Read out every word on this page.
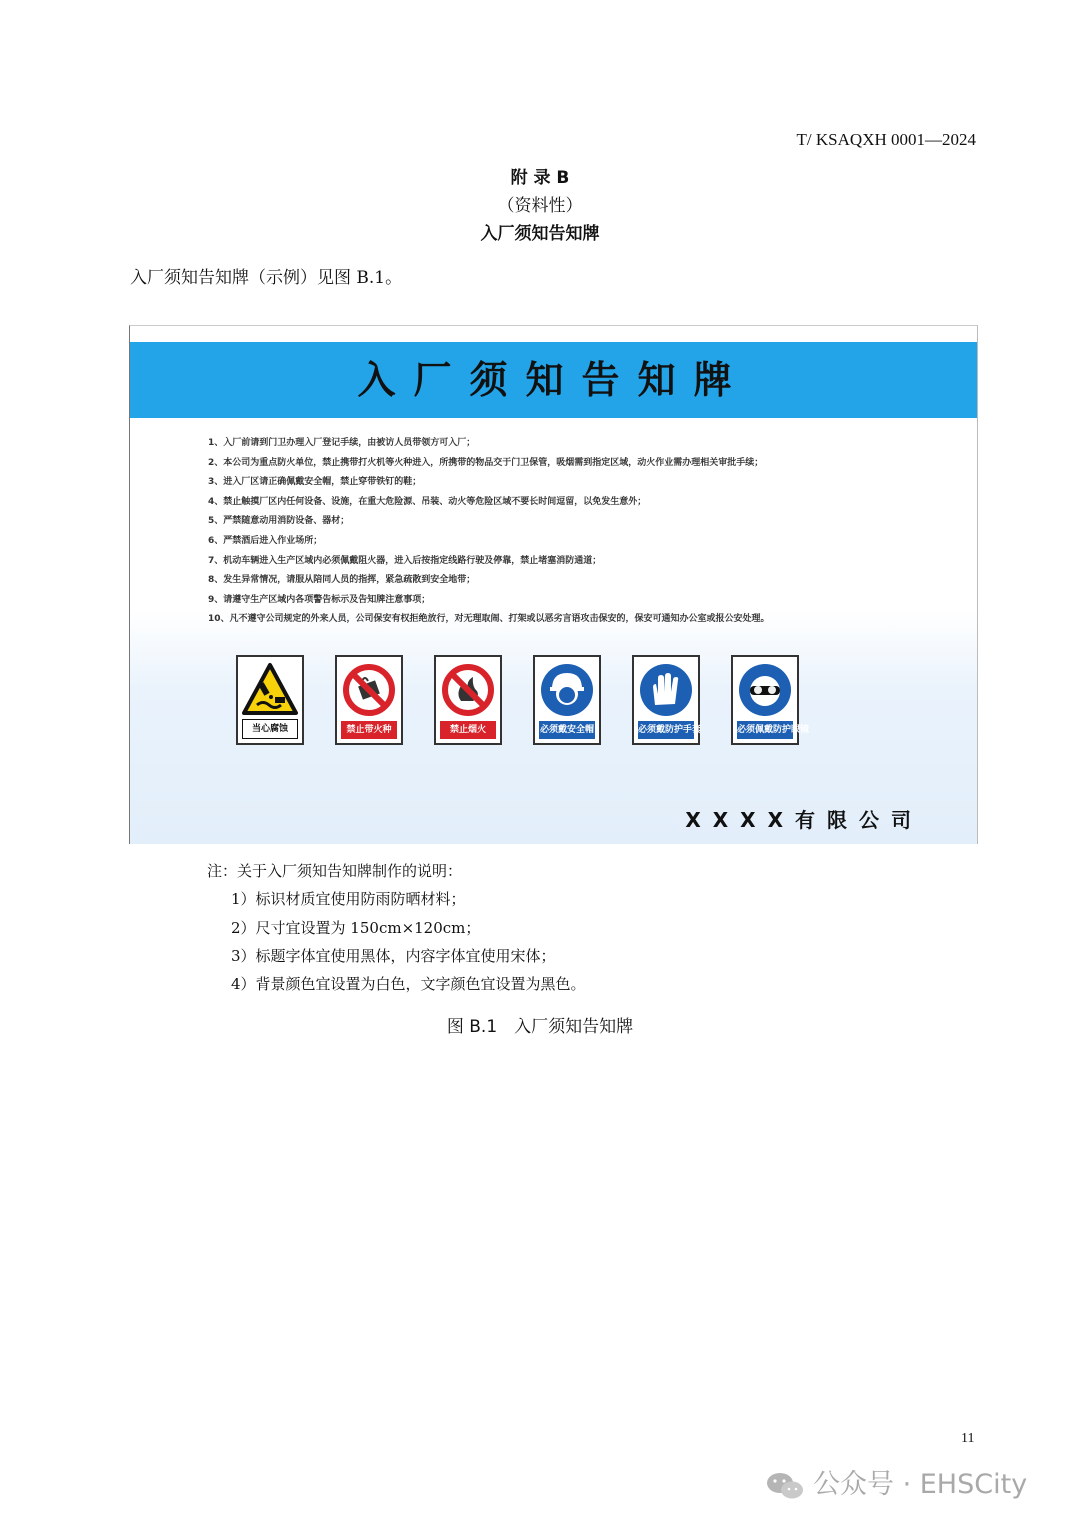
T/ KSAQXH 0001—2024
附 录 B
（资料性）
入厂须知告知牌
入厂须知告知牌（示例）见图 B.1。
入厂须知告知牌
1、入厂前请到门卫办理入厂登记手续，由被访人员带领方可入厂；
2、本公司为重点防火单位，禁止携带打火机等火种进入，所携带的物品交于门卫保管，吸烟需到指定区域，动火作业需办理相关审批手续；
3、进入厂区请正确佩戴安全帽，禁止穿带铁钉的鞋；
4、禁止触摸厂区内任何设备、设施，在重大危险源、吊装、动火等危险区域不要长时间逗留，以免发生意外；
5、严禁随意动用消防设备、器材；
6、严禁酒后进入作业场所；
7、机动车辆进入生产区域内必须佩戴阻火器，进入后按指定线路行驶及停靠，禁止堵塞消防通道；
8、发生异常情况，请服从陪同人员的指挥，紧急疏散到安全地带；
9、请遵守生产区域内各项警告标示及告知牌注意事项；
10、凡不遵守公司规定的外来人员，公司保安有权拒绝放行，对无理取闹、打架或以恶劣言语攻击保安的，保安可通知办公室或报公安处理。
当心腐蚀	禁止带火种	禁止烟火	必须戴安全帽	必须戴防护手套	必须佩戴防护眼镜
XXXX有限公司
注：关于入厂须知告知牌制作的说明：
1）标识材质宜使用防雨防晒材料；
2）尺寸宜设置为 150cm×120cm；
3）标题字体宜使用黑体，内容字体宜使用宋体；
4）背景颜色宜设置为白色，文字颜色宜设置为黑色。
图 B.1　入厂须知告知牌
11
公众号 · EHSCity
